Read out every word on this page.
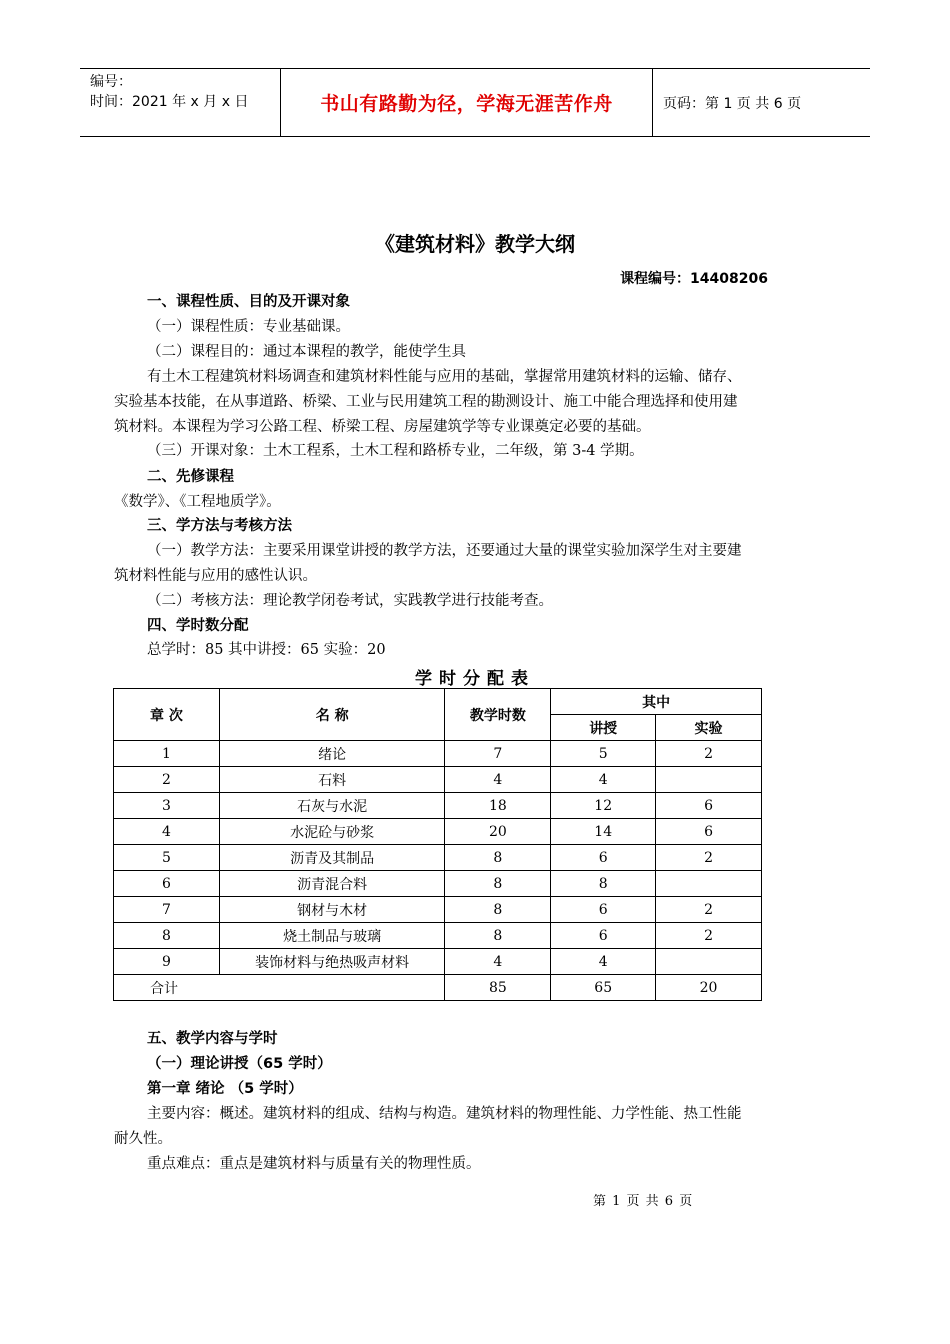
编号：
时间：2021 年 x 月 x 日	书山有路勤为径，学海无涯苦作舟	页码：第 1 页 共 6 页
《建筑材料》教学大纲
课程编号：14408206
一、课程性质、目的及开课对象
（一）课程性质：专业基础课。
（二）课程目的：通过本课程的教学，能使学生具
有土木工程建筑材料场调查和建筑材料性能与应用的基础，掌握常用建筑材料的运输、储存、
实验基本技能，在从事道路、桥梁、工业与民用建筑工程的勘测设计、施工中能合理选择和使用建
筑材料。本课程为学习公路工程、桥梁工程、房屋建筑学等专业课奠定必要的基础。
（三）开课对象：土木工程系，土木工程和路桥专业，二年级，第 3-4 学期。
二、先修课程
《数学》、《工程地质学》。
三、学方法与考核方法
（一）教学方法：主要采用课堂讲授的教学方法，还要通过大量的课堂实验加深学生对主要建
筑材料性能与应用的感性认识。
（二）考核方法：理论教学闭卷考试，实践教学进行技能考查。
四、学时数分配
总学时：85 其中讲授：65 实验：20
学时分配表
章 次	名 称	教学时数	其中	
			讲授	实验
1	绪论	7	5	2
2	石料	4	4	
3	石灰与水泥	18	12	6
4	水泥砼与砂浆	20	14	6
5	沥青及其制品	8	6	2
6	沥青混合料	8	8	
7	钢材与木材	8	6	2
8	烧土制品与玻璃	8	6	2
9	装饰材料与绝热吸声材料	4	4	
合计		85	65	20
五、教学内容与学时
（一）理论讲授（65 学时）
第一章 绪论 （5 学时）
主要内容：概述。建筑材料的组成、结构与构造。建筑材料的物理性能、力学性能、热工性能
耐久性。
重点难点：重点是建筑材料与质量有关的物理性质。
第 1 页 共 6 页
